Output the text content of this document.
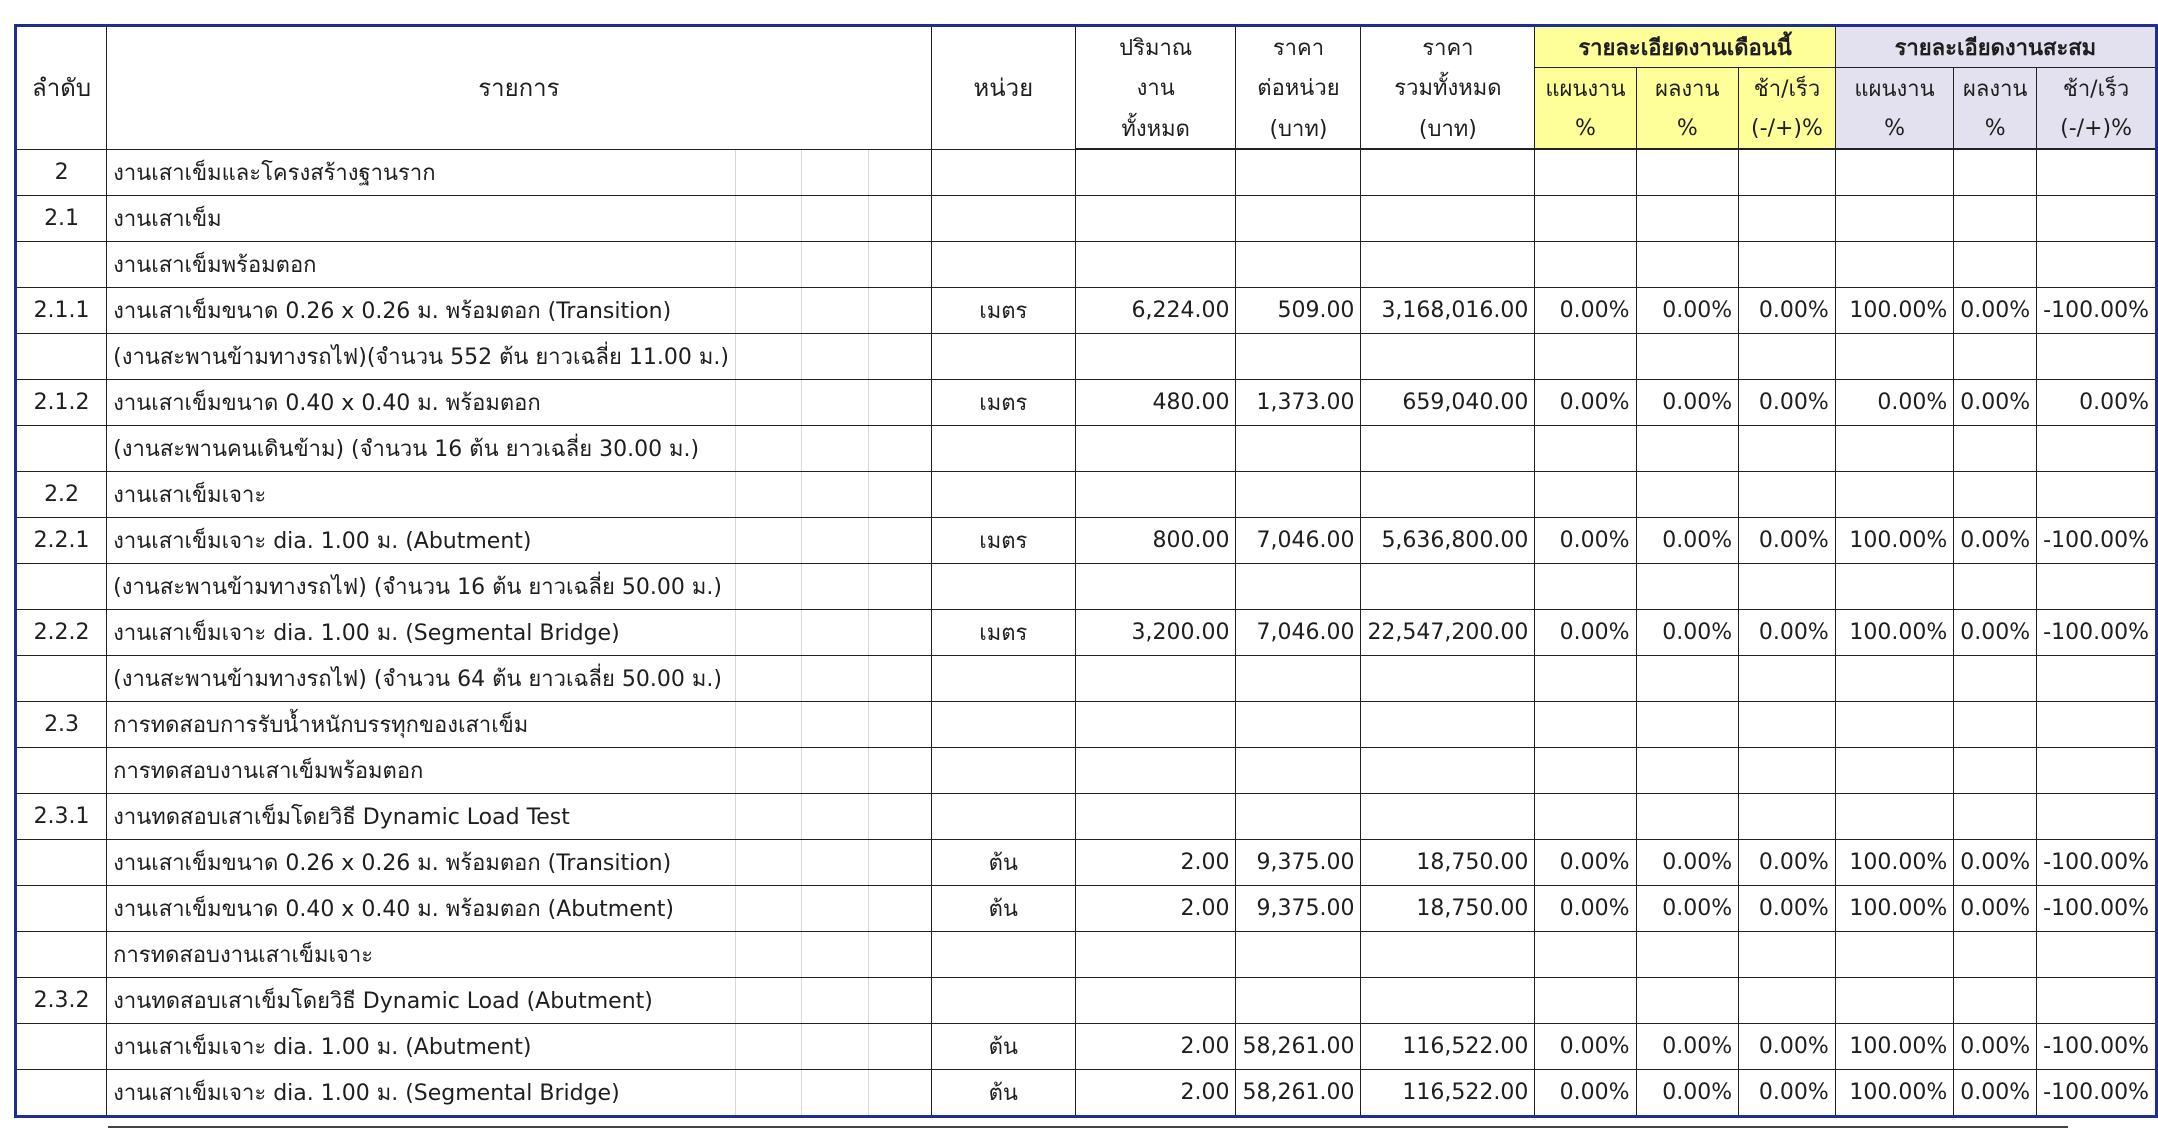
ลำดับ	รายการ				หน่วย	ปริมาณ	ราคา	ราคา	รายละเอียดงานเดือนนี้			รายละเอียดงานสะสม		
						งาน	ต่อหน่วย	รวมทั้งหมด	แผนงาน	ผลงาน	ช้า/เร็ว	แผนงาน	ผลงาน	ช้า/เร็ว
						ทั้งหมด	(บาท)	(บาท)	%	%	(-/+)%	%	%	(-/+)%
2	งานเสาเข็มและโครงสร้างฐานราก													
2.1	งานเสาเข็ม													
	งานเสาเข็มพร้อมตอก													
2.1.1	งานเสาเข็มขนาด 0.26 x 0.26 ม. พร้อมตอก (Transition)				เมตร	6,224.00	509.00	3,168,016.00	0.00%	0.00%	0.00%	100.00%	0.00%	-100.00%
	(งานสะพานข้ามทางรถไฟ)(จำนวน 552 ต้น ยาวเฉลี่ย 11.00 ม.)													
2.1.2	งานเสาเข็มขนาด 0.40 x 0.40 ม. พร้อมตอก				เมตร	480.00	1,373.00	659,040.00	0.00%	0.00%	0.00%	0.00%	0.00%	0.00%
	(งานสะพานคนเดินข้าม) (จำนวน 16 ต้น ยาวเฉลี่ย 30.00 ม.)													
2.2	งานเสาเข็มเจาะ													
2.2.1	งานเสาเข็มเจาะ dia. 1.00 ม. (Abutment)				เมตร	800.00	7,046.00	5,636,800.00	0.00%	0.00%	0.00%	100.00%	0.00%	-100.00%
	(งานสะพานข้ามทางรถไฟ) (จำนวน 16 ต้น ยาวเฉลี่ย 50.00 ม.)													
2.2.2	งานเสาเข็มเจาะ dia. 1.00 ม. (Segmental Bridge)				เมตร	3,200.00	7,046.00	22,547,200.00	0.00%	0.00%	0.00%	100.00%	0.00%	-100.00%
	(งานสะพานข้ามทางรถไฟ) (จำนวน 64 ต้น ยาวเฉลี่ย 50.00 ม.)													
2.3	การทดสอบการรับน้ำหนักบรรทุกของเสาเข็ม													
	การทดสอบงานเสาเข็มพร้อมตอก													
2.3.1	งานทดสอบเสาเข็มโดยวิธี Dynamic Load Test													
	งานเสาเข็มขนาด 0.26 x 0.26 ม. พร้อมตอก (Transition)				ต้น	2.00	9,375.00	18,750.00	0.00%	0.00%	0.00%	100.00%	0.00%	-100.00%
	งานเสาเข็มขนาด 0.40 x 0.40 ม. พร้อมตอก (Abutment)				ต้น	2.00	9,375.00	18,750.00	0.00%	0.00%	0.00%	100.00%	0.00%	-100.00%
	การทดสอบงานเสาเข็มเจาะ													
2.3.2	งานทดสอบเสาเข็มโดยวิธี Dynamic Load (Abutment)													
	งานเสาเข็มเจาะ dia. 1.00 ม. (Abutment)				ต้น	2.00	58,261.00	116,522.00	0.00%	0.00%	0.00%	100.00%	0.00%	-100.00%
	งานเสาเข็มเจาะ dia. 1.00 ม. (Segmental Bridge)				ต้น	2.00	58,261.00	116,522.00	0.00%	0.00%	0.00%	100.00%	0.00%	-100.00%
